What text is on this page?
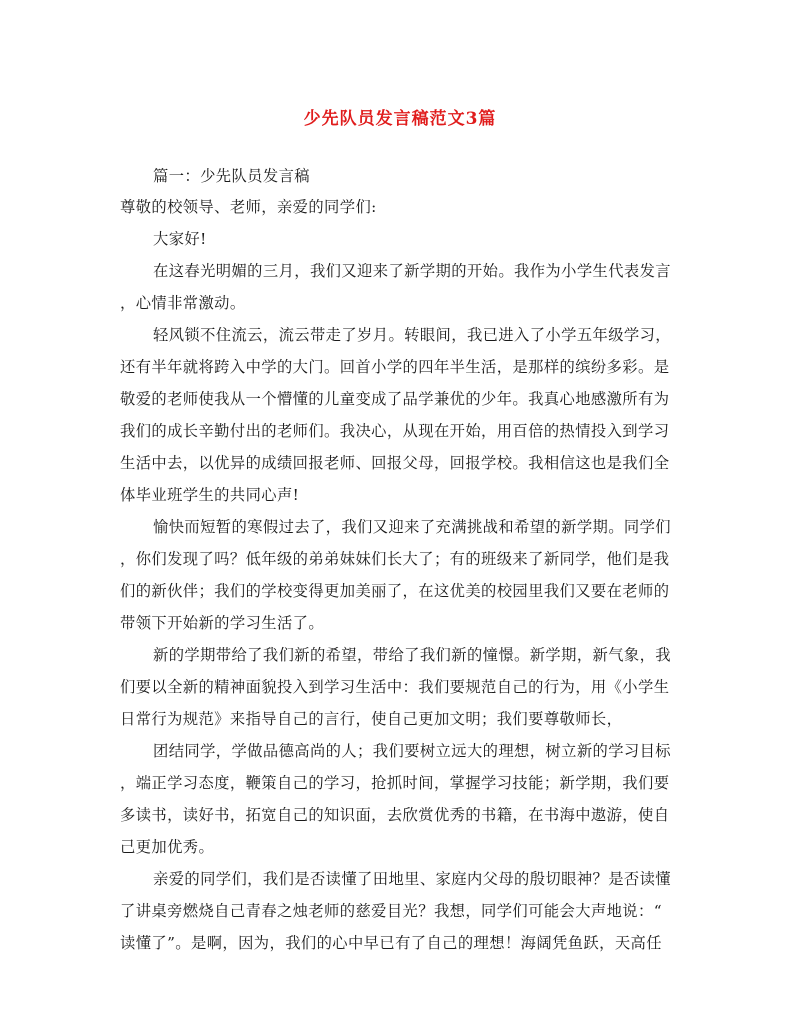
少先队员发言稿范文3篇
篇一：少先队员发言稿
尊敬的校领导、老师，亲爱的同学们:
大家好!
在这春光明媚的三月，我们又迎来了新学期的开始。我作为小学生代表发言
，心情非常激动。
轻风锁不住流云，流云带走了岁月。转眼间，我已进入了小学五年级学习，
还有半年就将跨入中学的大门。回首小学的四年半生活，是那样的缤纷多彩。是
敬爱的老师使我从一个懵懂的儿童变成了品学兼优的少年。我真心地感激所有为
我们的成长辛勤付出的老师们。我决心，从现在开始，用百倍的热情投入到学习
生活中去，以优异的成绩回报老师、回报父母，回报学校。我相信这也是我们全
体毕业班学生的共同心声!
愉快而短暂的寒假过去了，我们又迎来了充满挑战和希望的新学期。同学们
，你们发现了吗？低年级的弟弟妹妹们长大了；有的班级来了新同学，他们是我
们的新伙伴；我们的学校变得更加美丽了，在这优美的校园里我们又要在老师的
带领下开始新的学习生活了。
新的学期带给了我们新的希望，带给了我们新的憧憬。新学期，新气象，我
们要以全新的精神面貌投入到学习生活中：我们要规范自己的行为，用《小学生
日常行为规范》来指导自己的言行，使自己更加文明；我们要尊敬师长，
团结同学，学做品德高尚的人；我们要树立远大的理想，树立新的学习目标
，端正学习态度，鞭策自己的学习，抢抓时间，掌握学习技能；新学期，我们要
多读书，读好书，拓宽自己的知识面，去欣赏优秀的书籍，在书海中遨游，使自
己更加优秀。
亲爱的同学们，我们是否读懂了田地里、家庭内父母的殷切眼神？是否读懂
了讲桌旁燃烧自己青春之烛老师的慈爱目光？我想，同学们可能会大声地说：“
读懂了”。是啊，因为，我们的心中早已有了自己的理想！海阔凭鱼跃，天高任
